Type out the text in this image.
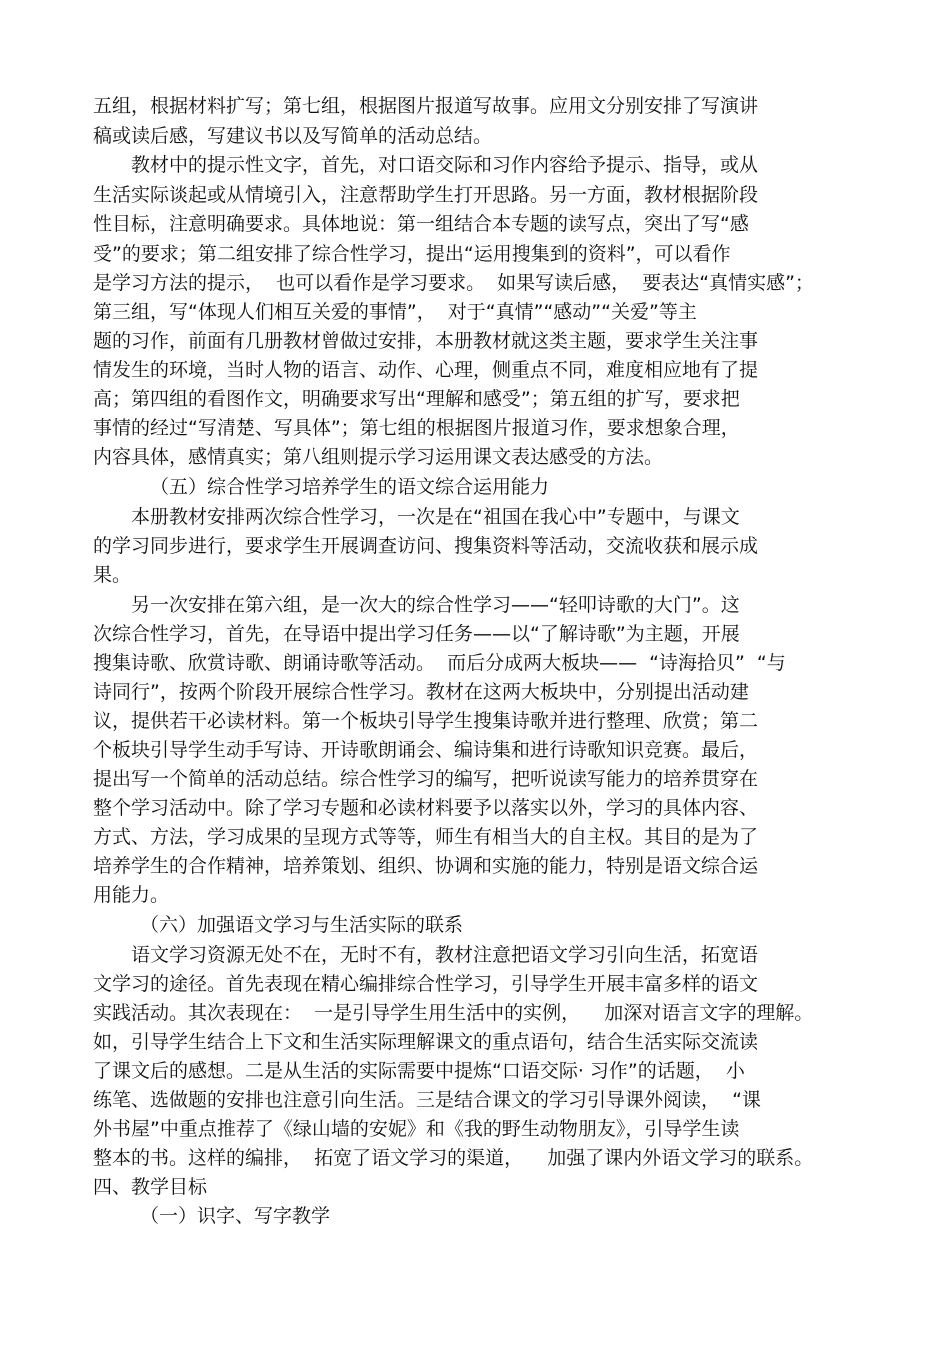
五组，根据材料扩写；第七组，根据图片报道写故事。应用文分别安排了写演讲
稿或读后感，写建议书以及写简单的活动总结。
教材中的提示性文字，首先，对口语交际和习作内容给予提示、指导，或从
生活实际谈起或从情境引入，注意帮助学生打开思路。另一方面，教材根据阶段
性目标，注意明确要求。具体地说：第一组结合本专题的读写点，突出了写“感
受”的要求；第二组安排了综合性学习，提出“运用搜集到的资料”，可以看作
是学习方法的提示，  也可以看作是学习要求。  如果写读后感，  要表达“真情实感”；
第三组，写“体现人们相互关爱的事情”，  对于“真情”“感动”“关爱”等主
题的习作，前面有几册教材曾做过安排，本册教材就这类主题，要求学生关注事
情发生的环境，当时人物的语言、动作、心理，侧重点不同，难度相应地有了提
高；第四组的看图作文，明确要求写出“理解和感受”；第五组的扩写，要求把
事情的经过“写清楚、写具体”；第七组的根据图片报道习作，要求想象合理，
内容具体，感情真实；第八组则提示学习运用课文表达感受的方法。
（五）综合性学习培养学生的语文综合运用能力
本册教材安排两次综合性学习，一次是在“祖国在我心中”专题中，与课文
的学习同步进行，要求学生开展调查访问、搜集资料等活动，交流收获和展示成
果。
另一次安排在第六组，是一次大的综合性学习——“轻叩诗歌的大门”。这
次综合性学习，首先，在导语中提出学习任务——以“了解诗歌”为主题，开展
搜集诗歌、欣赏诗歌、朗诵诗歌等活动。  而后分成两大板块——  “诗海拾贝”  “与
诗同行”，按两个阶段开展综合性学习。教材在这两大板块中，分别提出活动建
议，提供若干必读材料。第一个板块引导学生搜集诗歌并进行整理、欣赏；第二
个板块引导学生动手写诗、开诗歌朗诵会、编诗集和进行诗歌知识竞赛。最后，
提出写一个简单的活动总结。综合性学习的编写，把听说读写能力的培养贯穿在
整个学习活动中。除了学习专题和必读材料要予以落实以外，学习的具体内容、
方式、方法，学习成果的呈现方式等等，师生有相当大的自主权。其目的是为了
培养学生的合作精神，培养策划、组织、协调和实施的能力，特别是语文综合运
用能力。
（六）加强语文学习与生活实际的联系
语文学习资源无处不在，无时不有，教材注意把语文学习引向生活，拓宽语
文学习的途径。首先表现在精心编排综合性学习，引导学生开展丰富多样的语文
实践活动。其次表现在：  一是引导学生用生活中的实例，    加深对语言文字的理解。
如，引导学生结合上下文和生活实际理解课文的重点语句，结合生活实际交流读
了课文后的感想。二是从生活的实际需要中提炼“口语交际· 习作”的话题，  小
练笔、选做题的安排也注意引向生活。三是结合课文的学习引导课外阅读，  “课
外书屋”中重点推荐了《绿山墙的安妮》和《我的野生动物朋友》，引导学生读
整本的书。这样的编排，  拓宽了语文学习的渠道，    加强了课内外语文学习的联系。
四、教学目标
（一）识字、写字教学
